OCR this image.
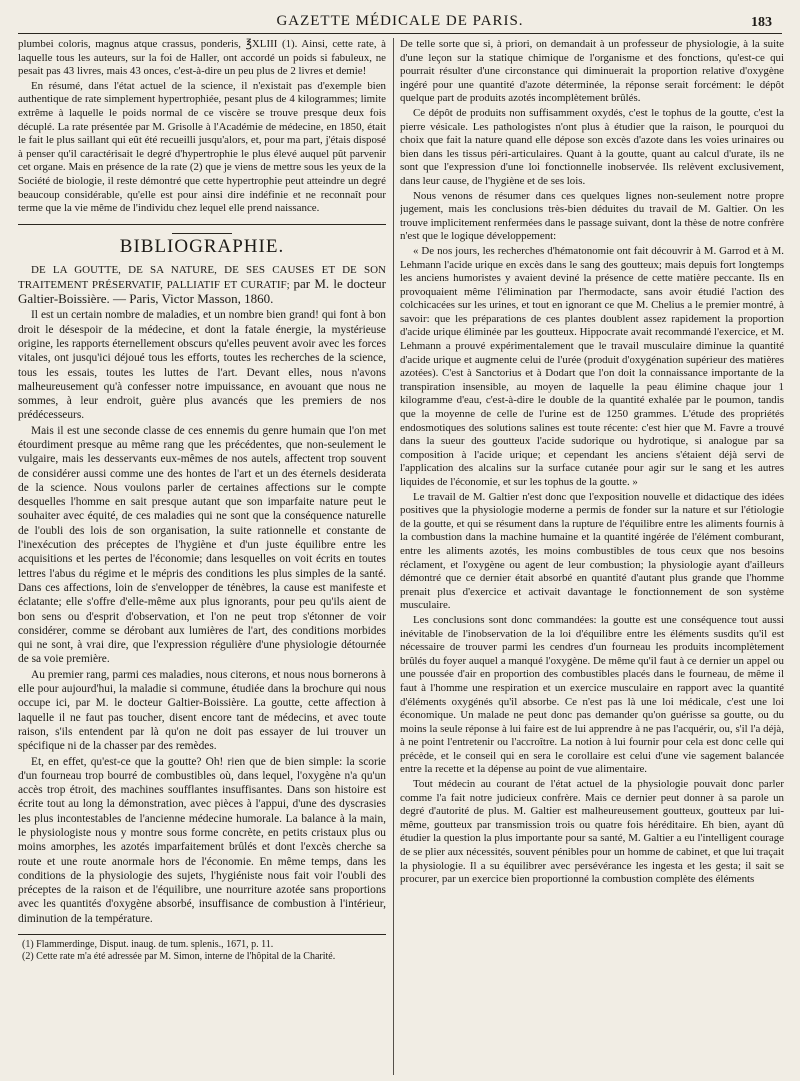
GAZETTE MÉDICALE DE PARIS.	183

plumbei coloris, magnus atque crassus, ponderis, ℥XLIII (1). Ainsi, cette rate, à laquelle tous les auteurs, sur la foi de Haller, ont accordé un poids si fabuleux, ne pesait pas 43 livres, mais 43 onces, c'est-à-dire un peu plus de 2 livres et demie!

En résumé, dans l'état actuel de la science, il n'existait pas d'exemple bien authentique de rate simplement hypertrophiée, pesant plus de 4 kilogrammes; limite extrême à laquelle le poids normal de ce viscère se trouve presque deux fois décuplé. La rate présentée par M. Grisolle à l'Académie de médecine, en 1850, était le fait le plus saillant qui eût été recueilli jusqu'alors, et, pour ma part, j'étais disposé à penser qu'il caractérisait le degré d'hypertrophie le plus élevé auquel pût parvenir cet organe. Mais en présence de la rate (2) que je viens de mettre sous les yeux de la Société de biologie, il reste démontré que cette hypertrophie peut atteindre un degré beaucoup considérable, qu'elle est pour ainsi dire indéfinie et ne reconnaît pour terme que la vie même de l'individu chez lequel elle prend naissance.

BIBLIOGRAPHIE.

DE LA GOUTTE, DE SA NATURE, DE SES CAUSES ET DE SON TRAITEMENT PRÉSERVATIF, PALLIATIF ET CURATIF; par M. le docteur Galtier-Boissière. — Paris, Victor Masson, 1860.

Il est un certain nombre de maladies, et un nombre bien grand! qui font à bon droit le désespoir de la médecine, et dont la fatale énergie, la mystérieuse origine, les rapports éternellement obscurs qu'elles peuvent avoir avec les forces vitales, ont jusqu'ici déjoué tous les efforts, toutes les recherches de la science, tous les essais, toutes les luttes de l'art. Devant elles, nous n'avons malheureusement qu'à confesser notre impuissance, en avouant que nous ne sommes, à leur endroit, guère plus avancés que les premiers de nos prédécesseurs.

Mais il est une seconde classe de ces ennemis du genre humain que l'on met étourdiment presque au même rang que les précédentes, que non-seulement le vulgaire, mais les desservants eux-mêmes de nos autels, affectent trop souvent de considérer aussi comme une des hontes de l'art et un des éternels desiderata de la science. Nous voulons parler de certaines affections sur le compte desquelles l'homme en sait presque autant que son imparfaite nature peut le souhaiter avec équité, de ces maladies qui ne sont que la conséquence naturelle de l'oubli des lois de son organisation, la suite rationnelle et constante de l'inexécution des préceptes de l'hygiène et d'un juste équilibre entre les acquisitions et les pertes de l'économie; dans lesquelles on voit écrits en toutes lettres l'abus du régime et le mépris des conditions les plus simples de la santé. Dans ces affections, loin de s'envelopper de ténèbres, la cause est manifeste et éclatante; elle s'offre d'elle-même aux plus ignorants, pour peu qu'ils aient de bon sens ou d'esprit d'observation, et l'on ne peut trop s'étonner de voir considérer, comme se dérobant aux lumières de l'art, des conditions morbides qui ne sont, à vrai dire, que l'expression régulière d'une physiologie détournée de sa voie première.

Au premier rang, parmi ces maladies, nous citerons, et nous nous bornerons à elle pour aujourd'hui, la maladie si commune, étudiée dans la brochure qui nous occupe ici, par M. le docteur Galtier-Boissière. La goutte, cette affection à laquelle il ne faut pas toucher, disent encore tant de médecins, et avec toute raison, s'ils entendent par là qu'on ne doit pas essayer de lui trouver un spécifique ni de la chasser par des remèdes.

Et, en effet, qu'est-ce que la goutte? Oh! rien que de bien simple: la scorie d'un fourneau trop bourré de combustibles où, dans lequel, l'oxygène n'a qu'un accès trop étroit, des machines soufflantes insuffisantes. Dans son histoire est écrite tout au long la démonstration, avec pièces à l'appui, d'une des dyscrasies les plus incontestables de l'ancienne médecine humorale. La balance à la main, le physiologiste nous y montre sous forme concrète, en petits cristaux plus ou moins amorphes, les azotés imparfaitement brûlés et dont l'excès cherche sa route et une route anormale hors de l'économie. En même temps, dans les conditions de la physiologie des sujets, l'hygiéniste nous fait voir l'oubli des préceptes de la raison et de l'équilibre, une nourriture azotée sans proportions avec les quantités d'oxygène absorbé, insuffisance de combustion à l'intérieur, diminution de la température.

(1) Flammerdinge, Disput. inaug. de tum. splenis., 1671, p. 11.

(2) Cette rate m'a été adressée par M. Simon, interne de l'hôpital de la Charité.

De telle sorte que si, à priori, on demandait à un professeur de physiologie, à la suite d'une leçon sur la statique chimique de l'organisme et des fonctions, qu'est-ce qui pourrait résulter d'une circonstance qui diminuerait la proportion relative d'oxygène ingéré pour une quantité d'azote déterminée, la réponse serait forcément: le dépôt quelque part de produits azotés incomplètement brûlés.

Ce dépôt de produits non suffisamment oxydés, c'est le tophus de la goutte, c'est la pierre vésicale. Les pathologistes n'ont plus à étudier que la raison, le pourquoi du choix que fait la nature quand elle dépose son excès d'azote dans les voies urinaires ou bien dans les tissus péri-articulaires. Quant à la goutte, quant au calcul d'urate, ils ne sont que l'expression d'une loi fonctionnelle inobservée. Ils relèvent exclusivement, dans leur cause, de l'hygiène et de ses lois.

Nous venons de résumer dans ces quelques lignes non-seulement notre propre jugement, mais les conclusions très-bien déduites du travail de M. Galtier. On les trouve implicitement renfermées dans le passage suivant, dont la thèse de notre confrère n'est que le logique développement:

« De nos jours, les recherches d'hématonomie ont fait découvrir à M. Garrod et à M. Lehmann l'acide urique en excès dans le sang des goutteux; mais depuis fort longtemps les anciens humoristes y avaient deviné la présence de cette matière peccante. Ils en provoquaient même l'élimination par l'hermodacte, sans avoir étudié l'action des colchicacées sur les urines, et tout en ignorant ce que M. Chelius a le premier montré, à savoir: que les préparations de ces plantes doublent assez rapidement la proportion d'acide urique éliminée par les goutteux. Hippocrate avait recommandé l'exercice, et M. Lehmann a prouvé expérimentalement que le travail musculaire diminue la quantité d'acide urique et augmente celui de l'urée (produit d'oxygénation supérieur des matières azotées). C'est à Sanctorius et à Dodart que l'on doit la connaissance importante de la transpiration insensible, au moyen de laquelle la peau élimine chaque jour 1 kilogramme d'eau, c'est-à-dire le double de la quantité exhalée par le poumon, tandis que la moyenne de celle de l'urine est de 1250 grammes. L'étude des propriétés endosmotiques des solutions salines est toute récente: c'est hier que M. Favre a trouvé dans la sueur des goutteux l'acide sudorique ou hydrotique, si analogue par sa composition à l'acide urique; et cependant les anciens s'étaient déjà servi de l'application des alcalins sur la surface cutanée pour agir sur le sang et les autres liquides de l'économie, et sur les tophus de la goutte. »

Le travail de M. Galtier n'est donc que l'exposition nouvelle et didactique des idées positives que la physiologie moderne a permis de fonder sur la nature et sur l'étiologie de la goutte, et qui se résument dans la rupture de l'équilibre entre les aliments fournis à la combustion dans la machine humaine et la quantité ingérée de l'élément comburant, entre les aliments azotés, les moins combustibles de tous ceux que nos besoins réclament, et l'oxygène ou agent de leur combustion; la physiologie ayant d'ailleurs démontré que ce dernier était absorbé en quantité d'autant plus grande que l'homme prenait plus d'exercice et activait davantage le fonctionnement de son système musculaire.

Les conclusions sont donc commandées: la goutte est une conséquence tout aussi inévitable de l'inobservation de la loi d'équilibre entre les éléments susdits qu'il est nécessaire de trouver parmi les cendres d'un fourneau les produits incomplètement brûlés du foyer auquel a manqué l'oxygène. De même qu'il faut à ce dernier un appel ou une poussée d'air en proportion des combustibles placés dans le fourneau, de même il faut à l'homme une respiration et un exercice musculaire en rapport avec la quantité d'éléments oxygénés qu'il absorbe. Ce n'est pas là une loi médicale, c'est une loi économique. Un malade ne peut donc pas demander qu'on guérisse sa goutte, ou du moins la seule réponse à lui faire est de lui apprendre à ne pas l'acquérir, ou, s'il l'a déjà, à ne point l'entretenir ou l'accroître. La notion à lui fournir pour cela est donc celle qui précède, et le conseil qui en sera le corollaire est celui d'une vie sagement balancée entre la recette et la dépense au point de vue alimentaire.

Tout médecin au courant de l'état actuel de la physiologie pouvait donc parler comme l'a fait notre judicieux confrère. Mais ce dernier peut donner à sa parole un degré d'autorité de plus. M. Galtier est malheureusement goutteux, goutteux par lui-même, goutteux par transmission trois ou quatre fois héréditaire. Eh bien, ayant dû étudier la question la plus importante pour sa santé, M. Galtier a eu l'intelligent courage de se plier aux nécessités, souvent pénibles pour un homme de cabinet, et que lui traçait la physiologie. Il a su équilibrer avec persévérance les ingesta et les gesta; il sait se procurer, par un exercice bien proportionné la combustion complète des éléments
